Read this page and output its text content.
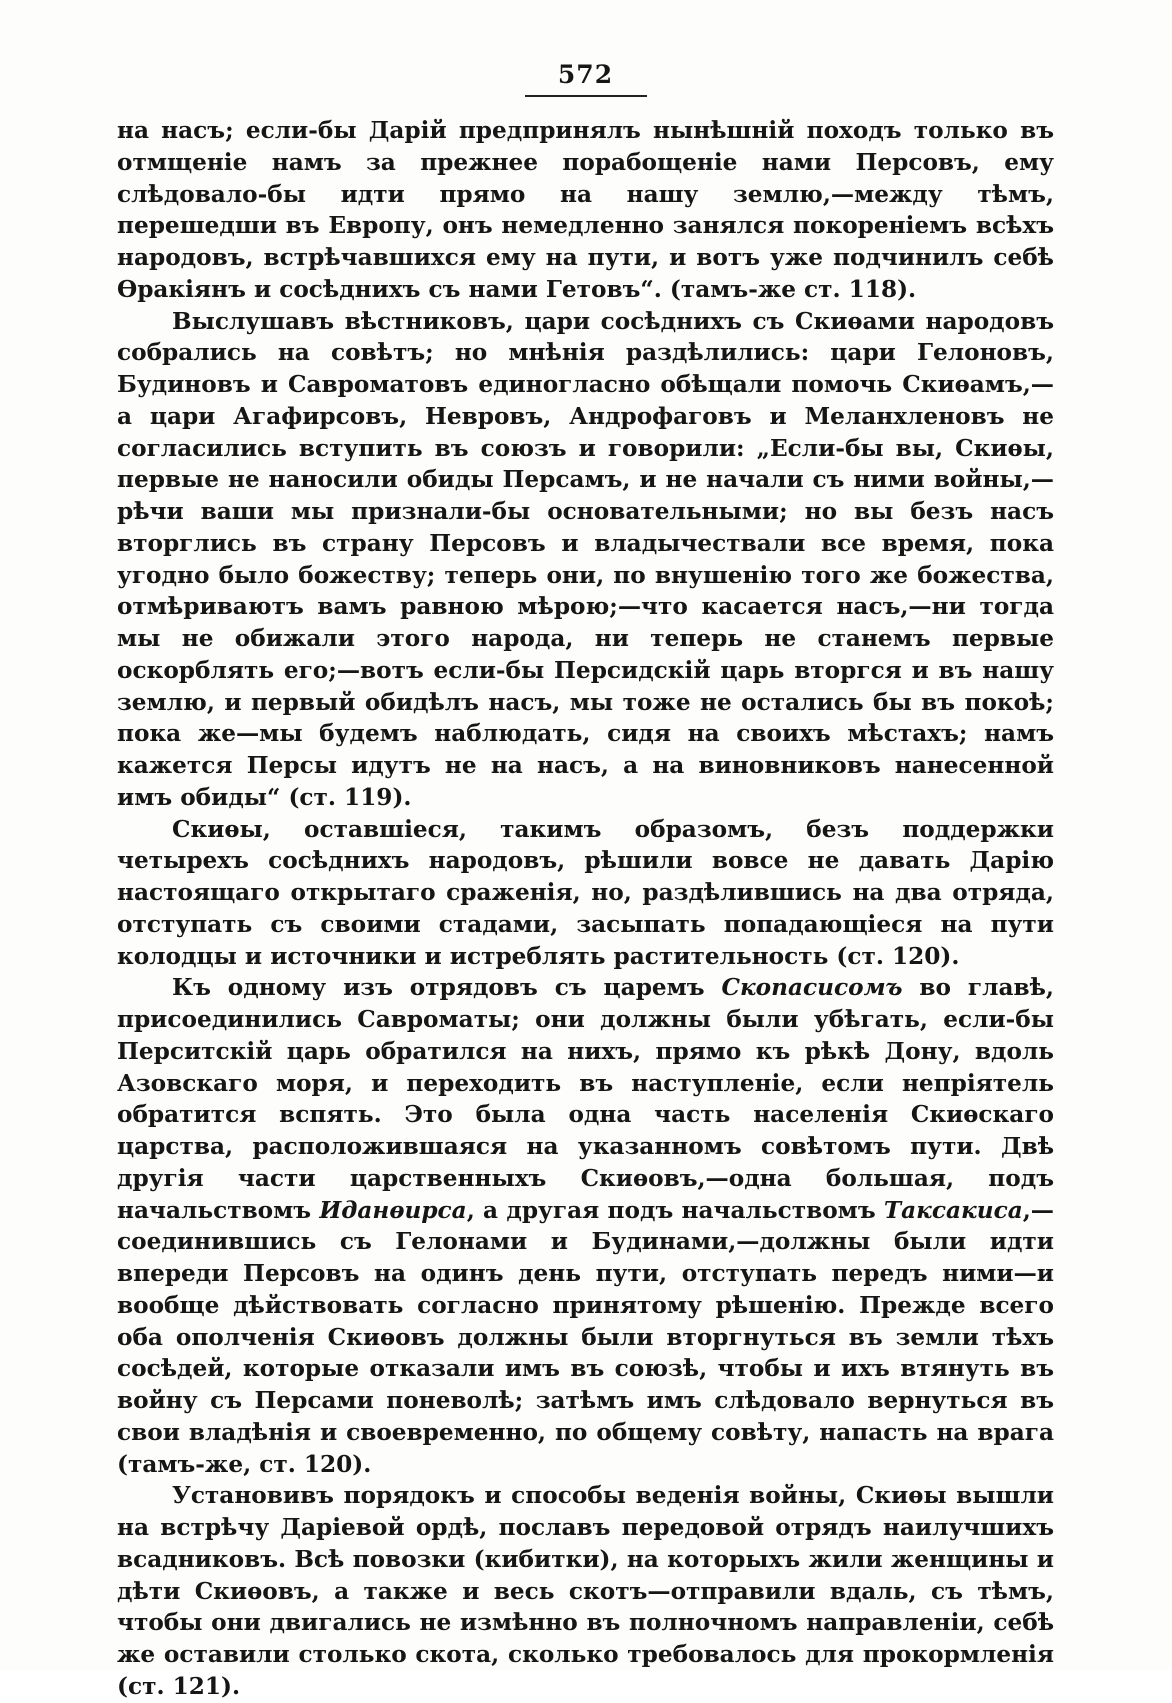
572

на насъ; если-бы Дарій предпринялъ нынѣшній походъ только въ отмщеніе намъ за прежнее порабощеніе нами Персовъ, ему слѣдовало-бы идти прямо на нашу землю,—между тѣмъ, перешедши въ Европу, онъ немедленно занялся покореніемъ всѣхъ народовъ, встрѣчавшихся ему на пути, и вотъ уже подчинилъ себѣ Ѳракіянъ и сосѣднихъ съ нами Гетовъ“. (тамъ-же ст. 118).

Выслушавъ вѣстниковъ, цари сосѣднихъ съ Скиѳами народовъ собрались на совѣтъ; но мнѣнія раздѣлились: цари Гелоновъ, Будиновъ и Савроматовъ единогласно обѣщали помочь Скиѳамъ,—а цари Агафирсовъ, Невровъ, Андрофаговъ и Меланхленовъ не согласились вступить въ союзъ и говорили: „Если-бы вы, Скиѳы, первые не наносили обиды Персамъ, и не начали съ ними войны,—рѣчи ваши мы признали-бы основательными; но вы безъ насъ вторглись въ страну Персовъ и владычествали все время, пока угодно было божеству; теперь они, по внушенію того же божества, отмѣриваютъ вамъ равною мѣрою;—что касается насъ,—ни тогда мы не обижали этого народа, ни теперь не станемъ первые оскорблять его;—вотъ если-бы Персидскій царь вторгся и въ нашу землю, и первый обидѣлъ насъ, мы тоже не остались бы въ покоѣ; пока же—мы будемъ наблюдать, сидя на своихъ мѣстахъ; намъ кажется Персы идутъ не на насъ, а на виновниковъ нанесенной имъ обиды“ (ст. 119).

Скиѳы, оставшіеся, такимъ образомъ, безъ поддержки четырехъ сосѣднихъ народовъ, рѣшили вовсе не давать Дарію настоящаго открытаго сраженія, но, раздѣлившись на два отряда, отступать съ своими стадами, засыпать попадающіеся на пути колодцы и источники и истреблять растительность (ст. 120).

Къ одному изъ отрядовъ съ царемъ Скопасисомъ во главѣ, присоединились Савроматы; они должны были убѣгать, если-бы Перситскій царь обратился на нихъ, прямо къ рѣкѣ Дону, вдоль Азовскаго моря, и переходить въ наступленіе, если непріятель обратится вспять. Это была одна часть населенія Скиѳскаго царства, расположившаяся на указанномъ совѣтомъ пути. Двѣ другія части царственныхъ Скиѳовъ,—одна большая, подъ начальствомъ Иданѳирса, а другая подъ начальствомъ Таксакиса,—соединившись съ Гелонами и Будинами,—должны были идти впереди Персовъ на одинъ день пути, отступать передъ ними—и вообще дѣйствовать согласно принятому рѣшенію. Прежде всего оба ополченія Скиѳовъ должны были вторгнуться въ земли тѣхъ сосѣдей, которые отказали имъ въ союзѣ, чтобы и ихъ втянуть въ войну съ Персами поневолѣ; затѣмъ имъ слѣдовало вернуться въ свои владѣнія и своевременно, по общему совѣту, напасть на врага (тамъ-же, ст. 120).

Установивъ порядокъ и способы веденія войны, Скиѳы вышли на встрѣчу Даріевой ордѣ, пославъ передовой отрядъ наилучшихъ всадниковъ. Всѣ повозки (кибитки), на которыхъ жили женщины и дѣти Скиѳовъ, а также и весь скотъ—отправили вдаль, съ тѣмъ, чтобы они двигались не измѣнно въ полночномъ направленіи, себѣ же оставили столько скота, сколько требовалось для прокормленія (ст. 121).
